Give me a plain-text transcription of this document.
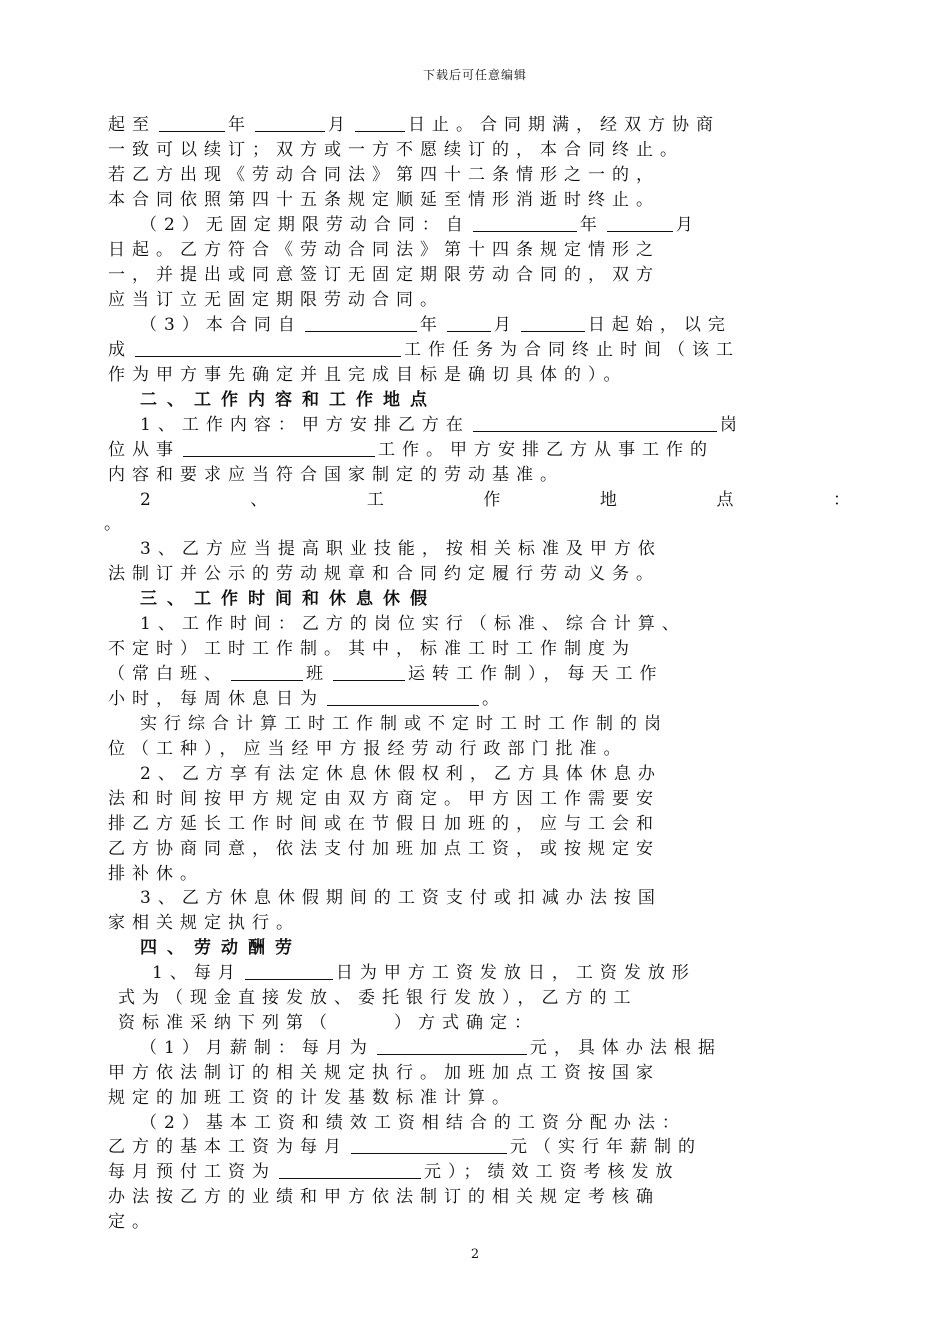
下载后可任意编辑
起至	年	月	日止。合同期满，经双方协商
一致可以续订；双方或一方不愿续订的，本合同终止。
若乙方出现《劳动合同法》第四十二条情形之一的，
本合同依照第四十五条规定顺延至情形消逝时终止。
（2）无固定期限劳动合同：自	年	月
日起。乙方符合《劳动合同法》第十四条规定情形之
一，并提出或同意签订无固定期限劳动合同的，双方
应当订立无固定期限劳动合同。
（3）本合同自	年	月	日起始，以完
成	工作任务为合同终止时间（该工
作为甲方事先确定并且完成目标是确切具体的）。
二、工作内容和工作地点
1、工作内容：甲方安排乙方在	岗
位从事	工作。甲方安排乙方从事工作的
内容和要求应当符合国家制定的劳动基准。
2、工作地点：
。
3、乙方应当提高职业技能，按相关标准及甲方依
法制订并公示的劳动规章和合同约定履行劳动义务。
三、工作时间和休息休假
1、工作时间：乙方的岗位实行（标准、综合计算、
不定时）工时工作制。其中，标准工时工作制度为
（常白班、	班	运转工作制），每天工作
小时，每周休息日为	。
实行综合计算工时工作制或不定时工时工作制的岗
位（工种），应当经甲方报经劳动行政部门批准。
2、乙方享有法定休息休假权利，乙方具体休息办
法和时间按甲方规定由双方商定。甲方因工作需要安
排乙方延长工作时间或在节假日加班的，应与工会和
乙方协商同意，依法支付加班加点工资，或按规定安
排补休。
3、乙方休息休假期间的工资支付或扣减办法按国
家相关规定执行。
四、劳动酬劳
1、每月	日为甲方工资发放日，工资发放形
式为（现金直接发放、委托银行发放），乙方的工
资标准采纳下列第（	）方式确定：
（1）月薪制：每月为	元，具体办法根据
甲方依法制订的相关规定执行。加班加点工资按国家
规定的加班工资的计发基数标准计算。
（2）基本工资和绩效工资相结合的工资分配办法：
乙方的基本工资为每月	元（实行年薪制的
每月预付工资为	元）；绩效工资考核发放
办法按乙方的业绩和甲方依法制订的相关规定考核确
定。
2
